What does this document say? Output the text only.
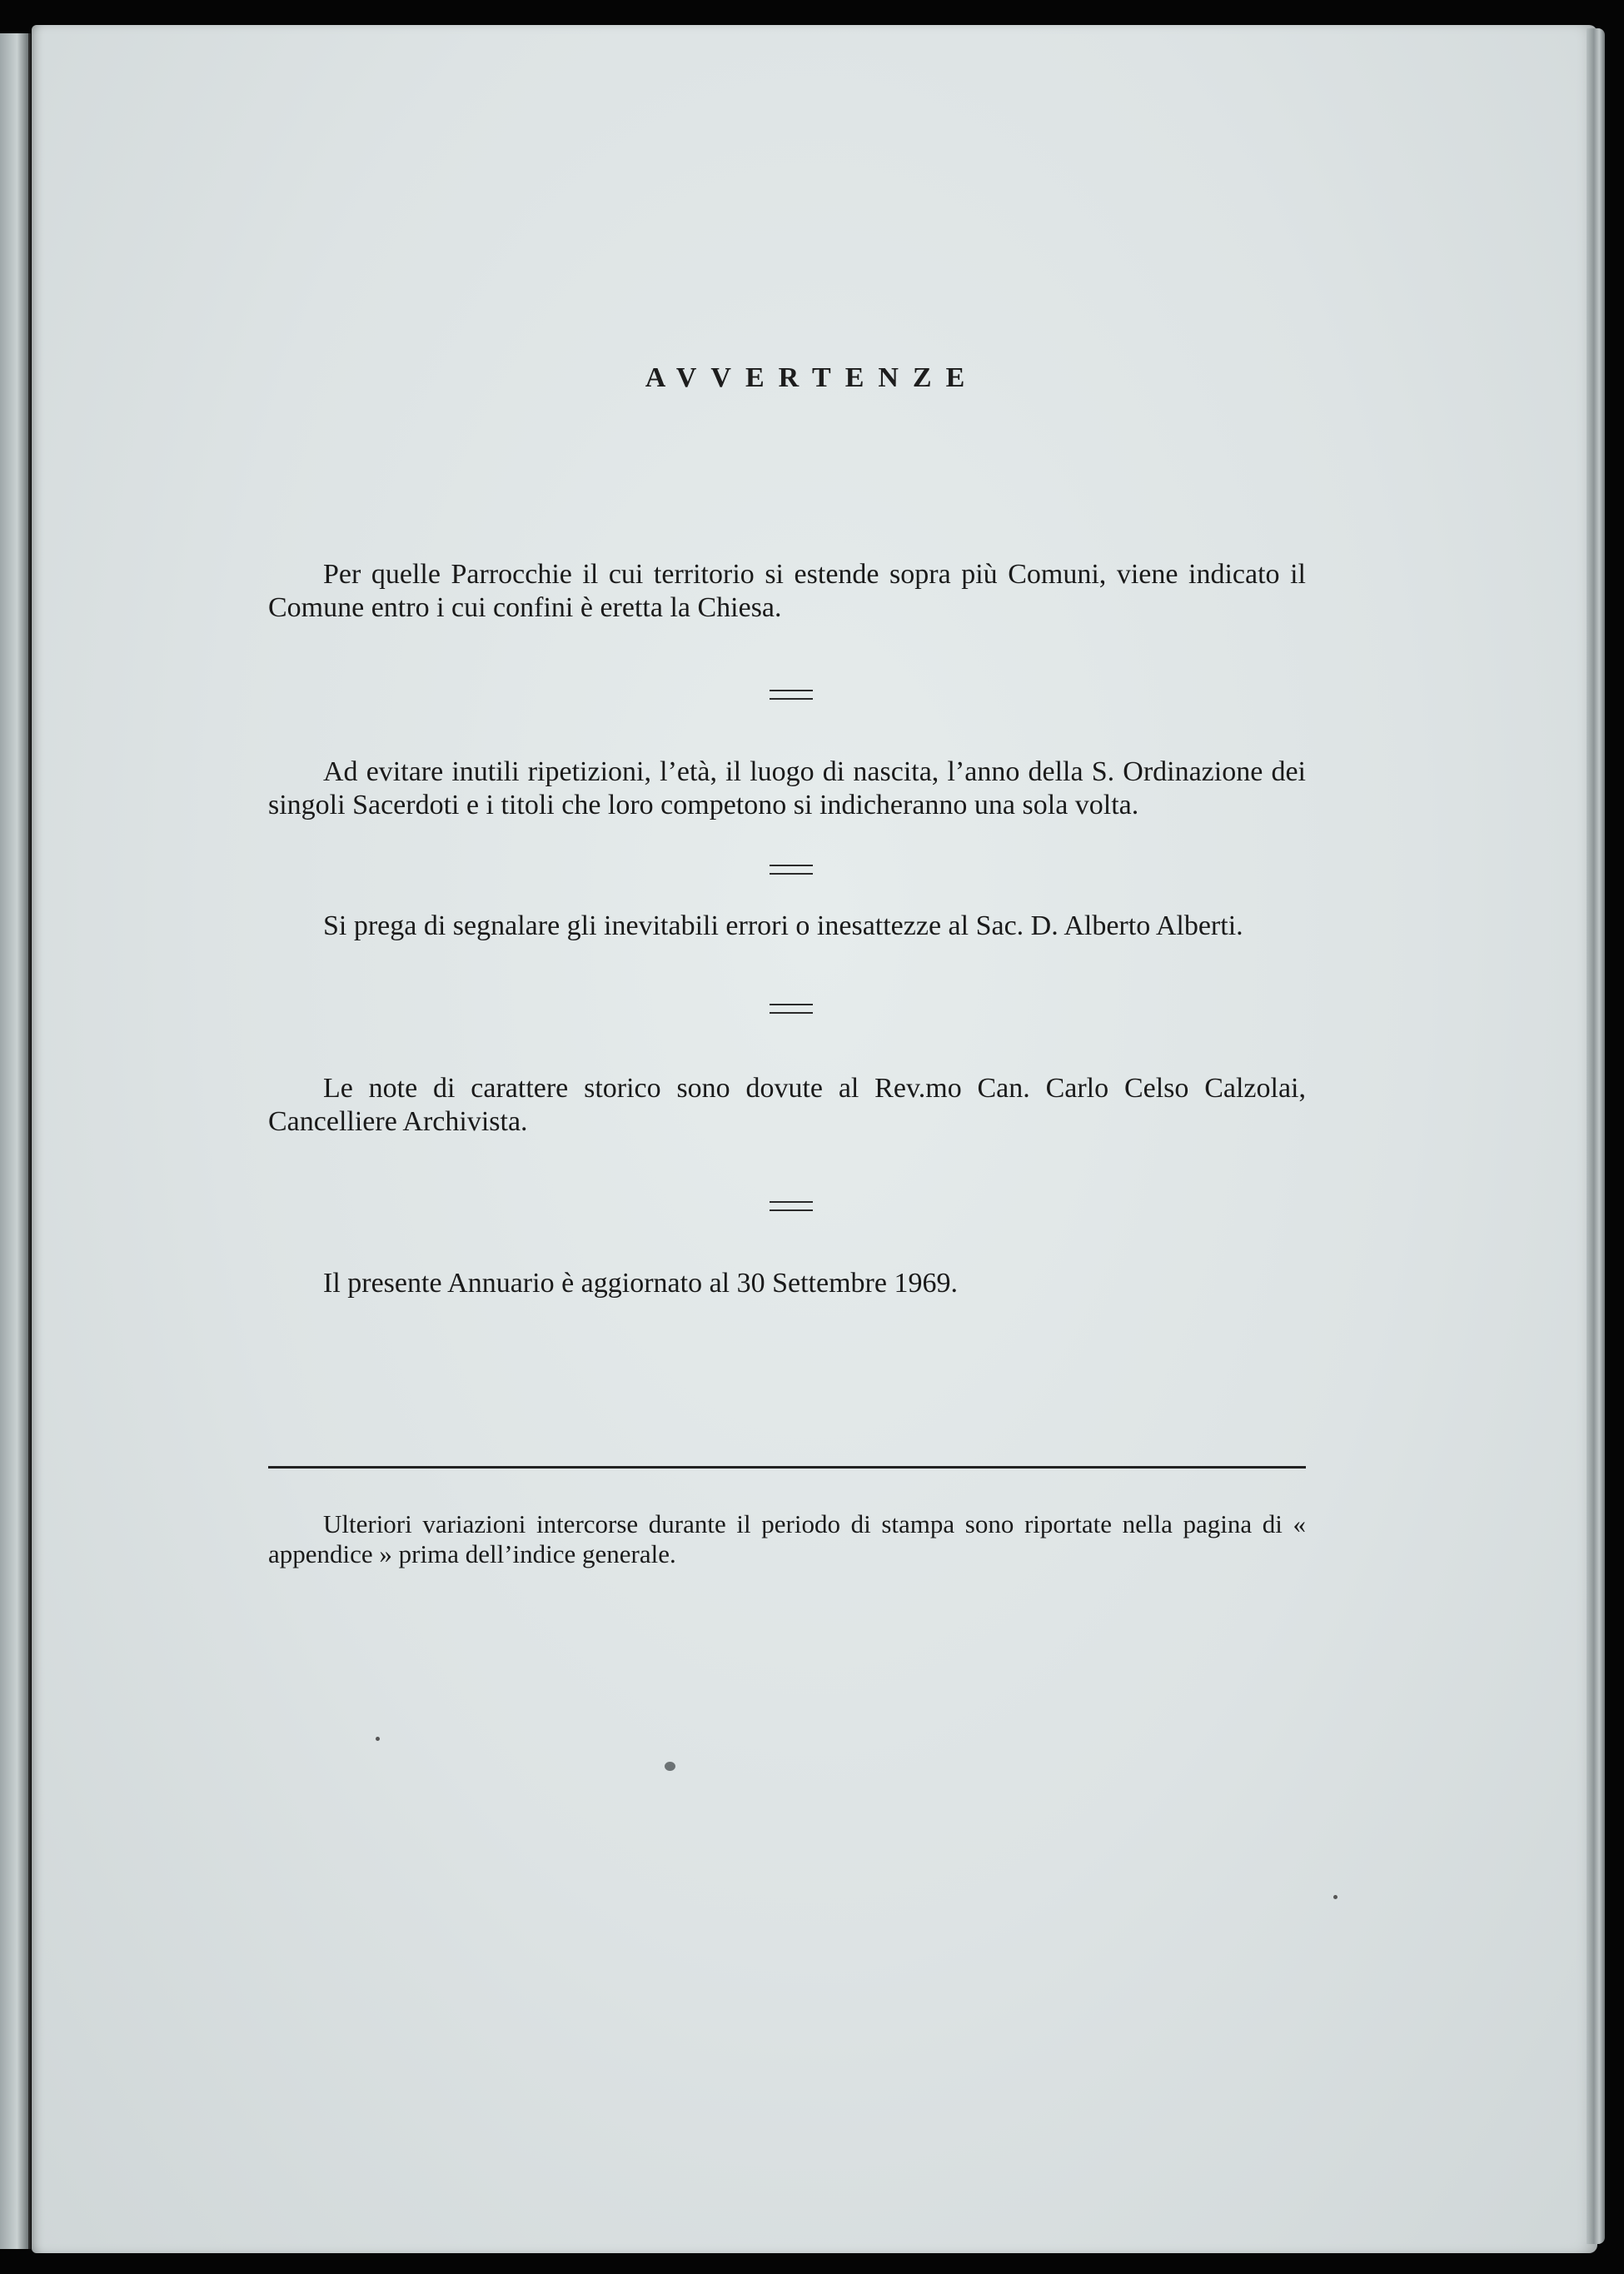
AVVERTENZE

Per quelle Parrocchie il cui territorio si estende sopra più Comuni, viene indicato il Comune entro i cui confini è eretta la Chiesa.

Ad evitare inutili ripetizioni, l’età, il luogo di nascita, l’anno della S. Ordinazione dei singoli Sacerdoti e i titoli che loro competono si indicheranno una sola volta.

Si prega di segnalare gli inevitabili errori o inesattezze al Sac. D. Alberto Alberti.

Le note di carattere storico sono dovute al Rev.mo Can. Carlo Celso Calzolai, Cancelliere Archivista.

Il presente Annuario è aggiornato al 30 Settembre 1969.

Ulteriori variazioni intercorse durante il periodo di stampa sono riportate nella pagina di « appendice » prima dell’indice generale.
